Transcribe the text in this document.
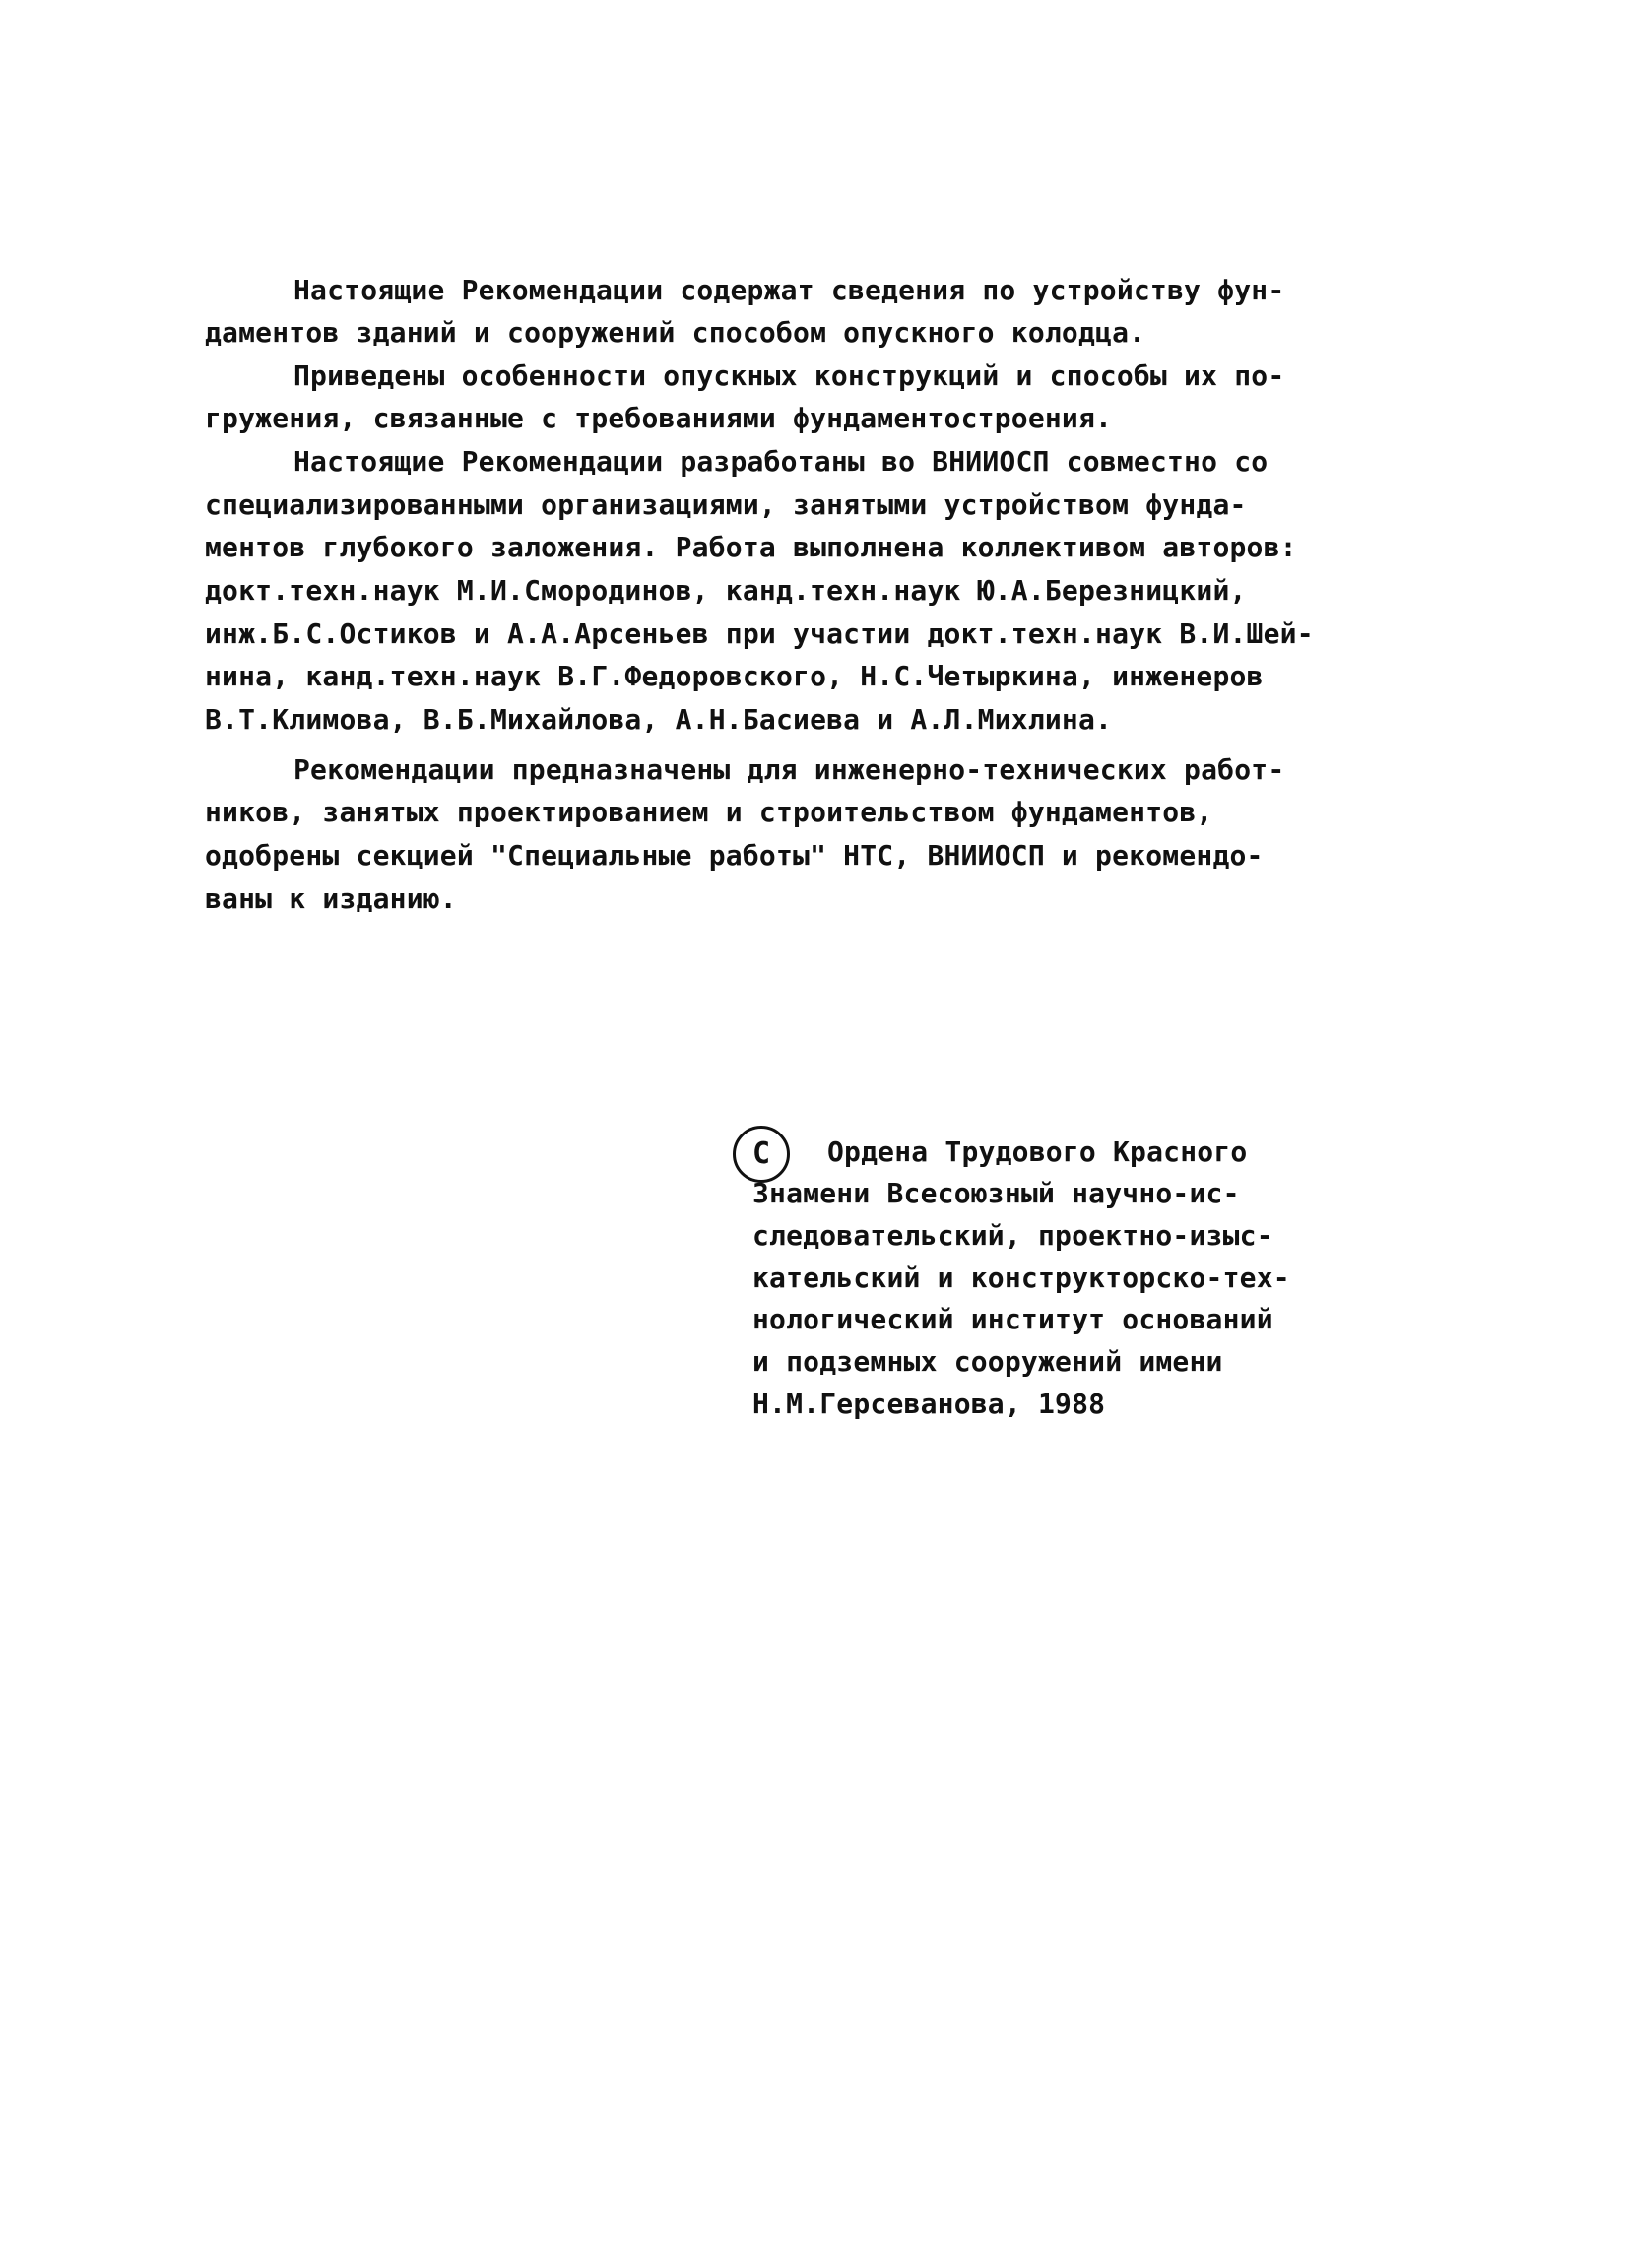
Настоящие Рекомендации содержат сведения по устройству фун-
даментов зданий и сооружений способом опускного колодца.
Приведены особенности опускных конструкций и способы их по-
гружения, связанные с требованиями фундаментостроения.
Настоящие Рекомендации разработаны во ВНИИОСП совместно со
специализированными организациями, занятыми устройством фунда-
ментов глубокого заложения. Работа выполнена коллективом авторов:
докт.техн.наук М.И.Смородинов, канд.техн.наук Ю.А.Березницкий,
инж.Б.С.Остиков и А.А.Арсеньев при участии докт.техн.наук В.И.Шей-
нина, канд.техн.наук В.Г.Федоровского, Н.С.Четыркина, инженеров
В.Т.Климова, В.Б.Михайлова, А.Н.Басиева и А.Л.Михлина.
Рекомендации предназначены для инженерно-технических работ-
ников, занятых проектированием и строительством фундаментов,
одобрены секцией "Специальные работы" НТС, ВНИИОСП и рекомендо-
ваны к изданию.
С	Ордена Трудового Красного
Знамени Всесоюзный научно-ис-
следовательский, проектно-изыс-
кательский и конструкторско-тех-
нологический институт оснований
и подземных сооружений имени
Н.М.Герсеванова, 1988
